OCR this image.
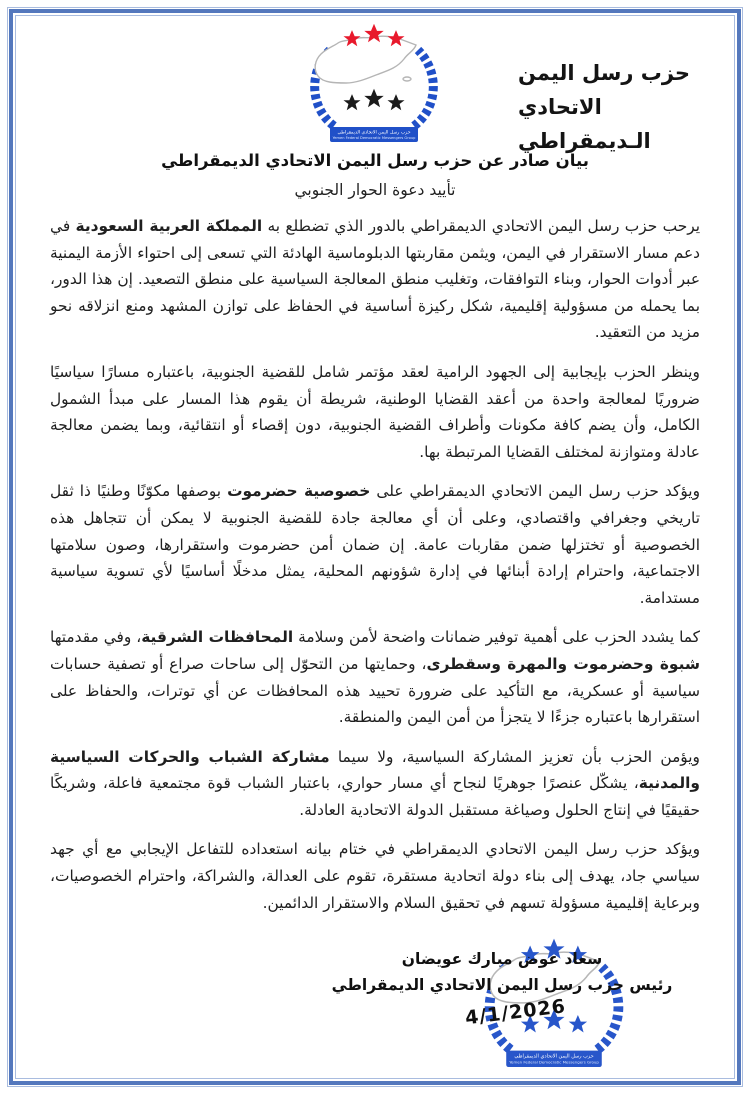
حزب رسل اليمن الاتحادي الديمقراطي
Yemen Federal Democratic Messengers Group
حزب رسل اليمن الاتحادي
الـديمقراطي
بيان صادر عن حزب رسل اليمن الاتحادي الديمقراطي
تأييد دعوة الحوار الجنوبي

يرحب حزب رسل اليمن الاتحادي الديمقراطي بالدور الذي تضطلع به المملكة العربية السعودية في دعم مسار الاستقرار في اليمن، ويثمن مقاربتها الدبلوماسية الهادئة التي تسعى إلى احتواء الأزمة اليمنية عبر أدوات الحوار، وبناء التوافقات، وتغليب منطق المعالجة السياسية على منطق التصعيد. إن هذا الدور، بما يحمله من مسؤولية إقليمية، شكل ركيزة أساسية في الحفاظ على توازن المشهد ومنع انزلاقه نحو مزيد من التعقيد.

وينظر الحزب بإيجابية إلى الجهود الرامية لعقد مؤتمر شامل للقضية الجنوبية، باعتباره مسارًا سياسيًا ضروريًا لمعالجة واحدة من أعقد القضايا الوطنية، شريطة أن يقوم هذا المسار على مبدأ الشمول الكامل، وأن يضم كافة مكونات وأطراف القضية الجنوبية، دون إقصاء أو انتقائية، وبما يضمن معالجة عادلة ومتوازنة لمختلف القضايا المرتبطة بها.

ويؤكد حزب رسل اليمن الاتحادي الديمقراطي على خصوصية حضرموت بوصفها مكوّنًا وطنيًا ذا ثقل تاريخي وجغرافي واقتصادي، وعلى أن أي معالجة جادة للقضية الجنوبية لا يمكن أن تتجاهل هذه الخصوصية أو تختزلها ضمن مقاربات عامة. إن ضمان أمن حضرموت واستقرارها، وصون سلامتها الاجتماعية، واحترام إرادة أبنائها في إدارة شؤونهم المحلية، يمثل مدخلًا أساسيًا لأي تسوية سياسية مستدامة.

كما يشدد الحزب على أهمية توفير ضمانات واضحة لأمن وسلامة المحافظات الشرقية، وفي مقدمتها شبوة وحضرموت والمهرة وسقطرى، وحمايتها من التحوّل إلى ساحات صراع أو تصفية حسابات سياسية أو عسكرية، مع التأكيد على ضرورة تحييد هذه المحافظات عن أي توترات، والحفاظ على استقرارها باعتباره جزءًا لا يتجزأ من أمن اليمن والمنطقة.

ويؤمن الحزب بأن تعزيز المشاركة السياسية، ولا سيما مشاركة الشباب والحركات السياسية والمدنية، يشكّل عنصرًا جوهريًا لنجاح أي مسار حواري، باعتبار الشباب قوة مجتمعية فاعلة، وشريكًا حقيقيًا في إنتاج الحلول وصياغة مستقبل الدولة الاتحادية العادلة.

ويؤكد حزب رسل اليمن الاتحادي الديمقراطي في ختام بيانه استعداده للتفاعل الإيجابي مع أي جهد سياسي جاد، يهدف إلى بناء دولة اتحادية مستقرة، تقوم على العدالة، والشراكة، واحترام الخصوصيات، وبرعاية إقليمية مسؤولة تسهم في تحقيق السلام والاستقرار الدائمين.

حزب رسل اليمن الاتحادي الديمقراطي
Yemen Federal Democratic Messengers Group

سعاد عوض مبارك عويضان

رئيس حزب رسل اليمن الاتحادي الديمقراطي

4/1/2026
